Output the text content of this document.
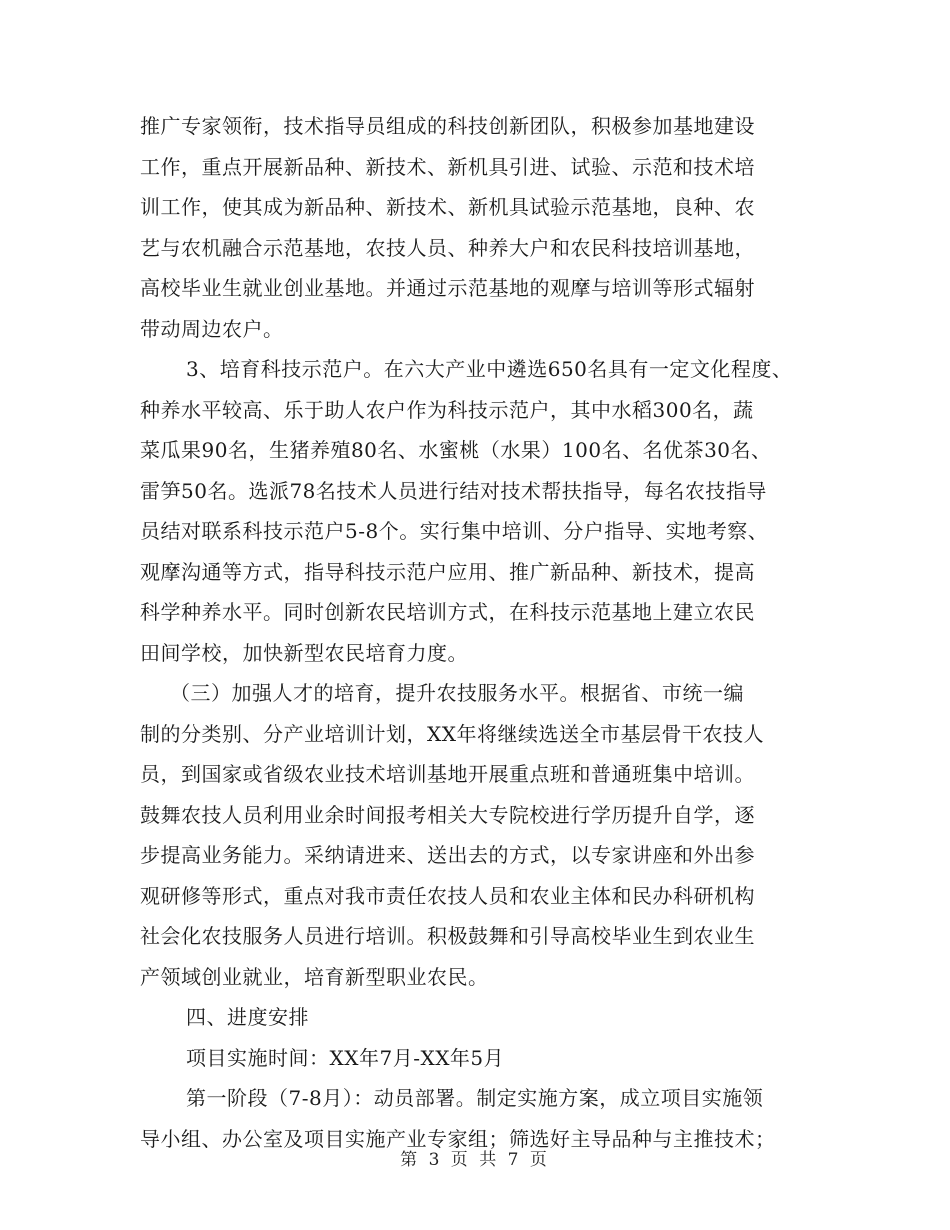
推广专家领衔，技术指导员组成的科技创新团队，积极参加基地建设
工作，重点开展新品种、新技术、新机具引进、试验、示范和技术培
训工作，使其成为新品种、新技术、新机具试验示范基地，良种、农
艺与农机融合示范基地，农技人员、种养大户和农民科技培训基地，
高校毕业生就业创业基地。并通过示范基地的观摩与培训等形式辐射
带动周边农户。
3、培育科技示范户。在六大产业中遴选650名具有一定文化程度、
种养水平较高、乐于助人农户作为科技示范户，其中水稻300名，蔬
菜瓜果90名，生猪养殖80名、水蜜桃（水果）100名、名优茶30名、
雷笋50名。选派78名技术人员进行结对技术帮扶指导，每名农技指导
员结对联系科技示范户5-8个。实行集中培训、分户指导、实地考察、
观摩沟通等方式，指导科技示范户应用、推广新品种、新技术，提高
科学种养水平。同时创新农民培训方式，在科技示范基地上建立农民
田间学校，加快新型农民培育力度。
（三）加强人才的培育，提升农技服务水平。根据省、市统一编
制的分类别、分产业培训计划，XX年将继续选送全市基层骨干农技人
员，到国家或省级农业技术培训基地开展重点班和普通班集中培训。
鼓舞农技人员利用业余时间报考相关大专院校进行学历提升自学，逐
步提高业务能力。采纳请进来、送出去的方式，以专家讲座和外出参
观研修等形式，重点对我市责任农技人员和农业主体和民办科研机构
社会化农技服务人员进行培训。积极鼓舞和引导高校毕业生到农业生
产领域创业就业，培育新型职业农民。
四、进度安排
项目实施时间：XX年7月-XX年5月
第一阶段（7-8月）：动员部署。制定实施方案，成立项目实施领
导小组、办公室及项目实施产业专家组；筛选好主导品种与主推技术；
第 3 页 共 7 页
